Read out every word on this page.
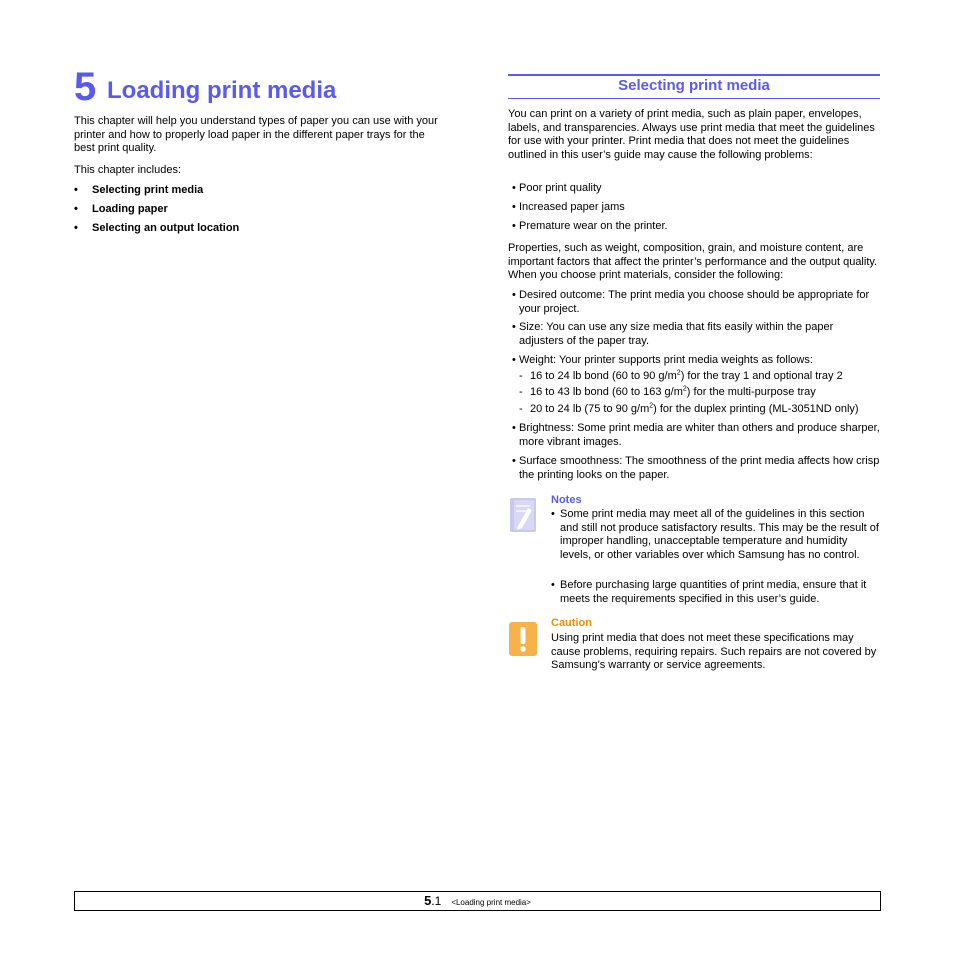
5 Loading print media

This chapter will help you understand types of paper you can use with your printer and how to properly load paper in the different paper trays for the best print quality.

This chapter includes:

• Selecting print media
• Loading paper
• Selecting an output location
Selecting print media

You can print on a variety of print media, such as plain paper, envelopes, labels, and transparencies. Always use print media that meet the guidelines for use with your printer. Print media that does not meet the guidelines outlined in this user’s guide may cause the following problems:

• Poor print quality
• Increased paper jams
• Premature wear on the printer.

Properties, such as weight, composition, grain, and moisture content, are important factors that affect the printer’s performance and the output quality. When you choose print materials, consider the following:

• Desired outcome: The print media you choose should be appropriate for your project.
• Size: You can use any size media that fits easily within the paper adjusters of the paper tray.
• Weight: Your printer supports print media weights as follows:
- 16 to 24 lb bond (60 to 90 $g/m^2$) for the tray 1 and optional tray 2
- 16 to 43 lb bond (60 to 163 $g/m^2$) for the multi-purpose tray
- 20 to 24 lb (75 to 90 $g/m^2$) for the duplex printing (ML-3051ND only)
• Brightness: Some print media are whiter than others and produce sharper, more vibrant images.
• Surface smoothness: The smoothness of the print media affects how crisp the printing looks on the paper.
Notes
• Some print media may meet all of the guidelines in this section and still not produce satisfactory results. This may be the result of improper handling, unacceptable temperature and humidity levels, or other variables over which Samsung has no control.
• Before purchasing large quantities of print media, ensure that it meets the requirements specified in this user’s guide.
Caution

Using print media that does not meet these specifications may cause problems, requiring repairs. Such repairs are not covered by Samsung’s warranty or service agreements.

5.1 <Loading print media>
